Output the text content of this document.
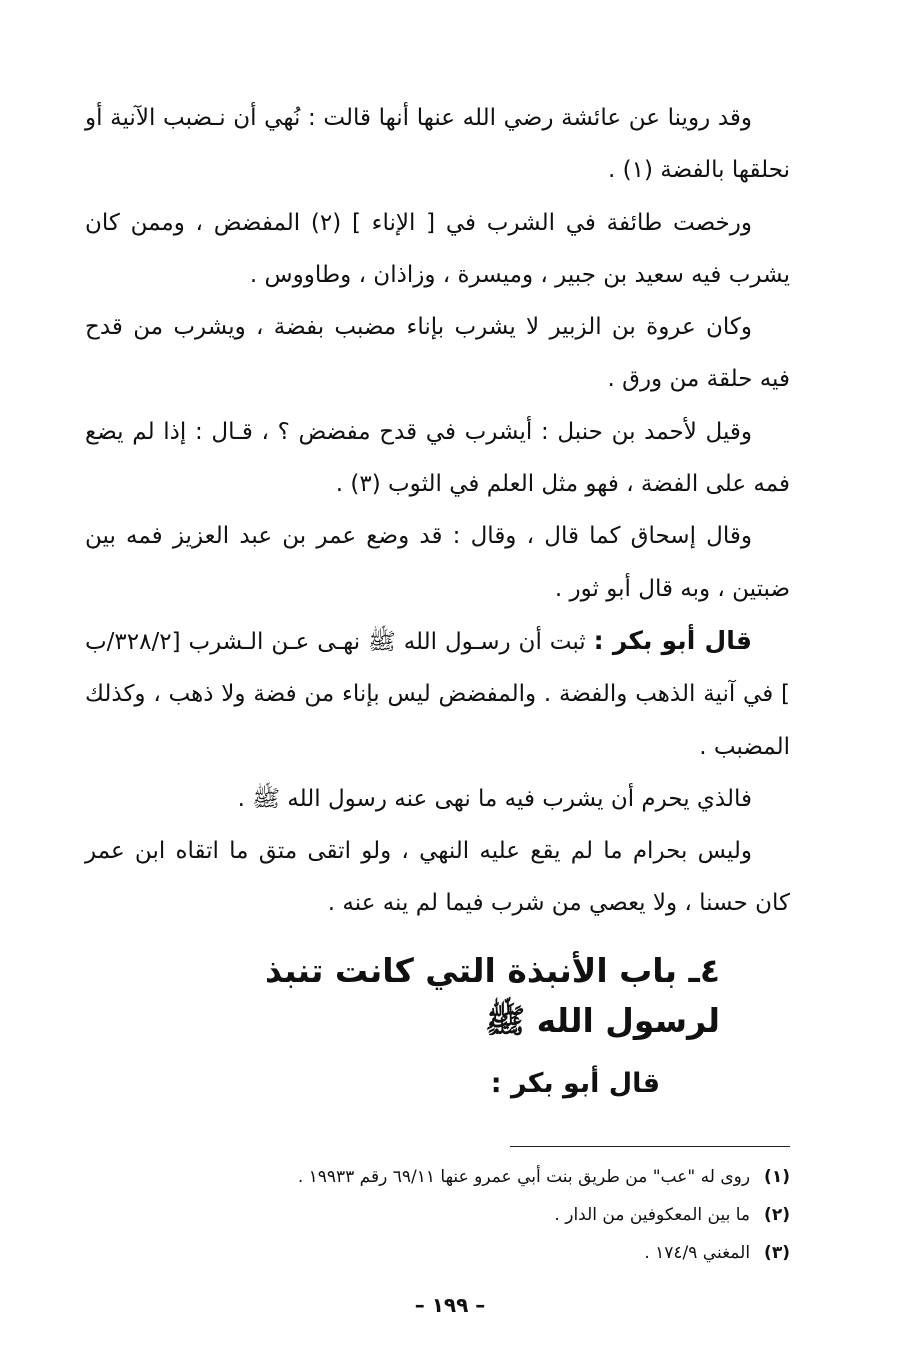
وقد روينا عن عائشة رضي الله عنها أنها قالت : نُهي أن نـضبب الآنية أو نحلقها بالفضة (١) .

ورخصت طائفة في الشرب في [ الإناء ] (٢) المفضض ، وممن كان يشرب فيه سعيد بن جبير ، وميسرة ، وزاذان ، وطاووس .

وكان عروة بن الزبير لا يشرب بإناء مضبب بفضة ، ويشرب من قدح فيه حلقة من ورق .

وقيل لأحمد بن حنبل : أيشرب في قدح مفضض ؟ ، قـال : إذا لم يضع فمه على الفضة ، فهو مثل العلم في الثوب (٣) .

وقال إسحاق كما قال ، وقال : قد وضع عمر بن عبد العزيز فمه بين ضبتين ، وبه قال أبو ثور .

قال أبو بكر : ثبت أن رسـول الله ﷺ نهـى عـن الـشرب [٣٢٨/٢/ب ] في آنية الذهب والفضة . والمفضض ليس بإناء من فضة ولا ذهب ، وكذلك المضبب .

فالذي يحرم أن يشرب فيه ما نهى عنه رسول الله ﷺ .

وليس بحرام ما لم يقع عليه النهي ، ولو اتقى متق ما اتقاه ابن عمر كان حسنا ، ولا يعصي من شرب فيما لم ينه عنه .

٤ـ باب الأنبذة التي كانت تنبذ لرسول الله ﷺ
قال أبو بكر :
(١)روى له "عب" من طريق بنت أبي عمرو عنها ٦٩/١١ رقم ١٩٩٣٣ .
(٢)ما بين المعكوفين من الدار .
(٣)المغني ١٧٤/٩ .
– ١٩٩ –
